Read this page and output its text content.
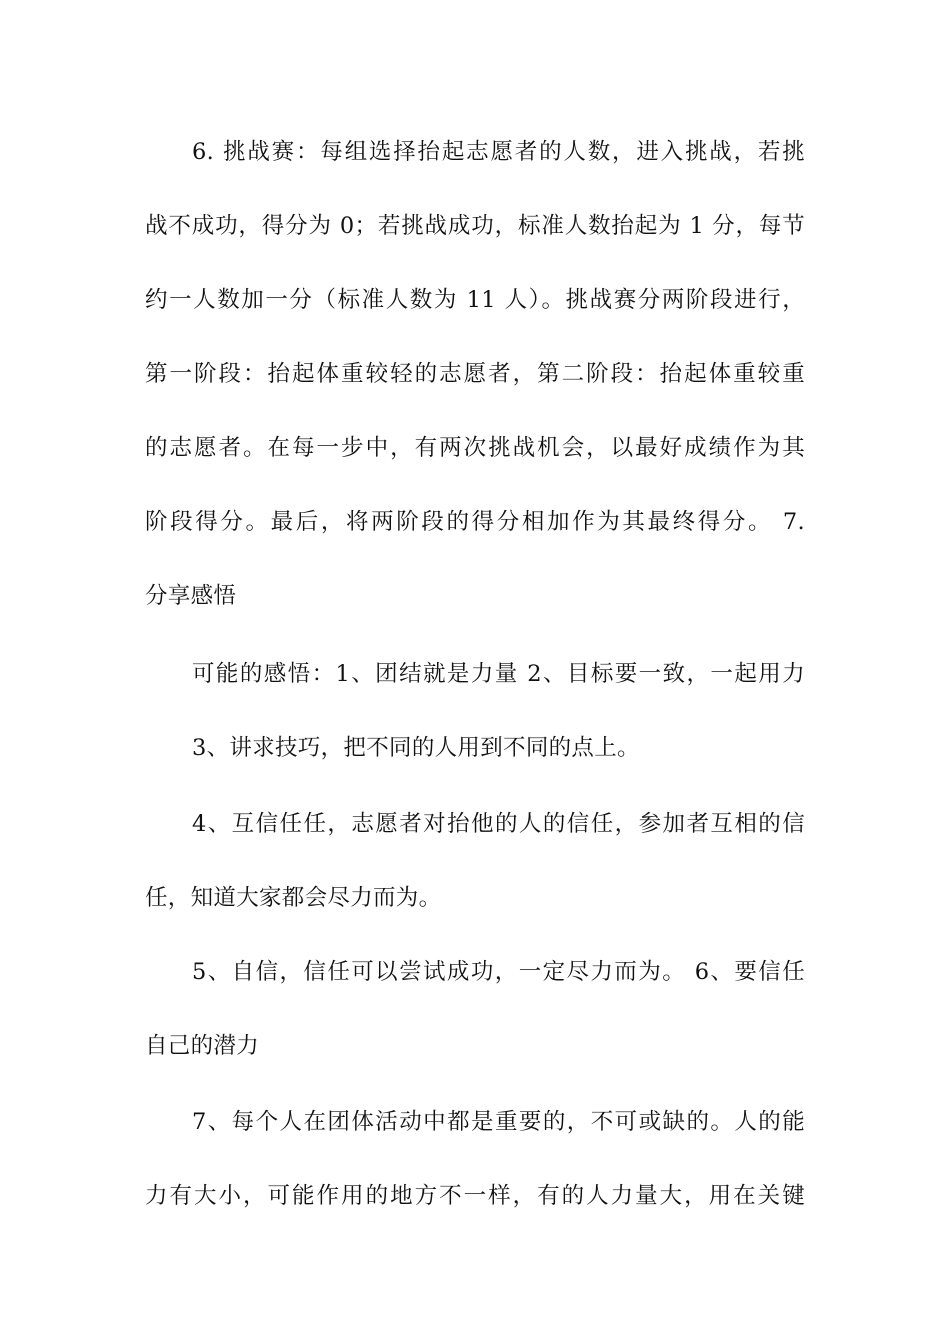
6. 挑战赛：每组选择抬起志愿者的人数，进入挑战，若挑
战不成功，得分为 0；若挑战成功，标准人数抬起为 1 分，每节
约一人数加一分（标准人数为 11 人）。挑战赛分两阶段进行，
第一阶段：抬起体重较轻的志愿者，第二阶段：抬起体重较重
的志愿者。在每一步中，有两次挑战机会，以最好成绩作为其
阶段得分。最后，将两阶段的得分相加作为其最终得分。 7.
分享感悟
可能的感悟：1、团结就是力量 2、目标要一致，一起用力
3、讲求技巧，把不同的人用到不同的点上。
4、互信任任，志愿者对抬他的人的信任，参加者互相的信
任，知道大家都会尽力而为。
5、自信，信任可以尝试成功，一定尽力而为。 6、要信任
自己的潜力
7、每个人在团体活动中都是重要的，不可或缺的。人的能
力有大小，可能作用的地方不一样，有的人力量大，用在关键
